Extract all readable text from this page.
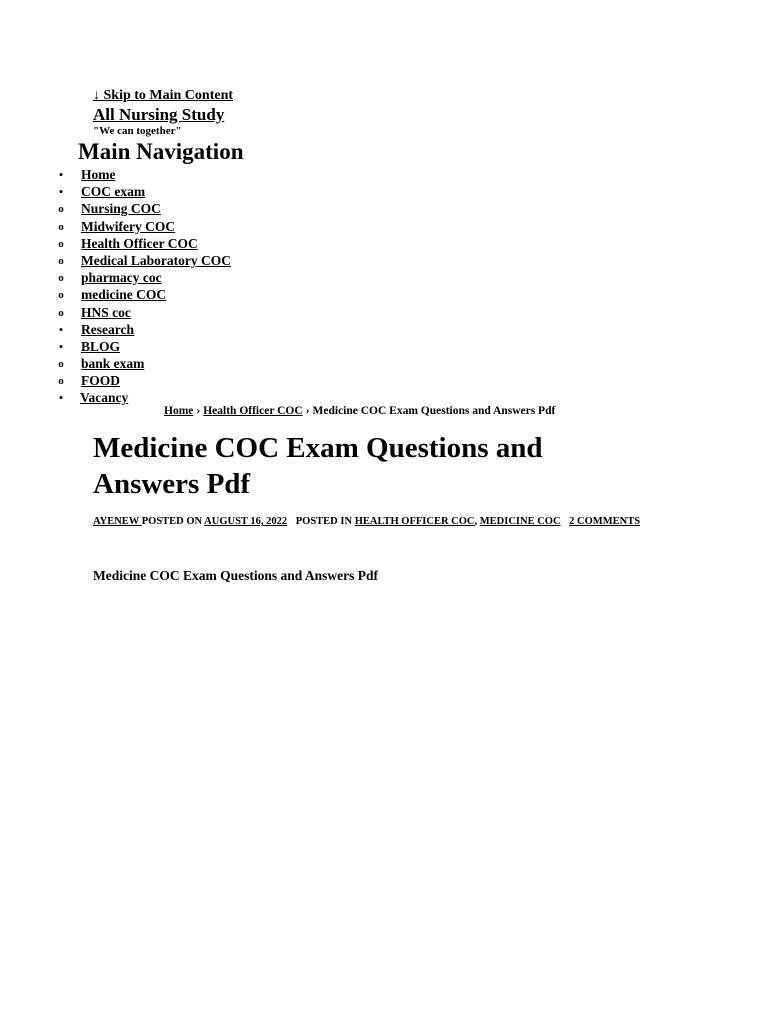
↓ Skip to Main Content
All Nursing Study
"We can together"
Main Navigation
•
Home
•
COC exam
o
Nursing COC
o
Midwifery COC
o
Health Officer COC
o
Medical Laboratory COC
o
pharmacy coc
o
medicine COC
o
HNS coc
•
Research
•
BLOG
o
bank exam
o
FOOD
•
Vacancy
Home › Health Officer COC › Medicine COC Exam Questions and Answers Pdf
Medicine COC Exam Questions and Answers Pdf
AYENEW POSTED ON AUGUST 16, 2022 POSTED IN HEALTH OFFICER COC, MEDICINE COC 2 COMMENTS
Medicine COC Exam Questions and Answers Pdf
